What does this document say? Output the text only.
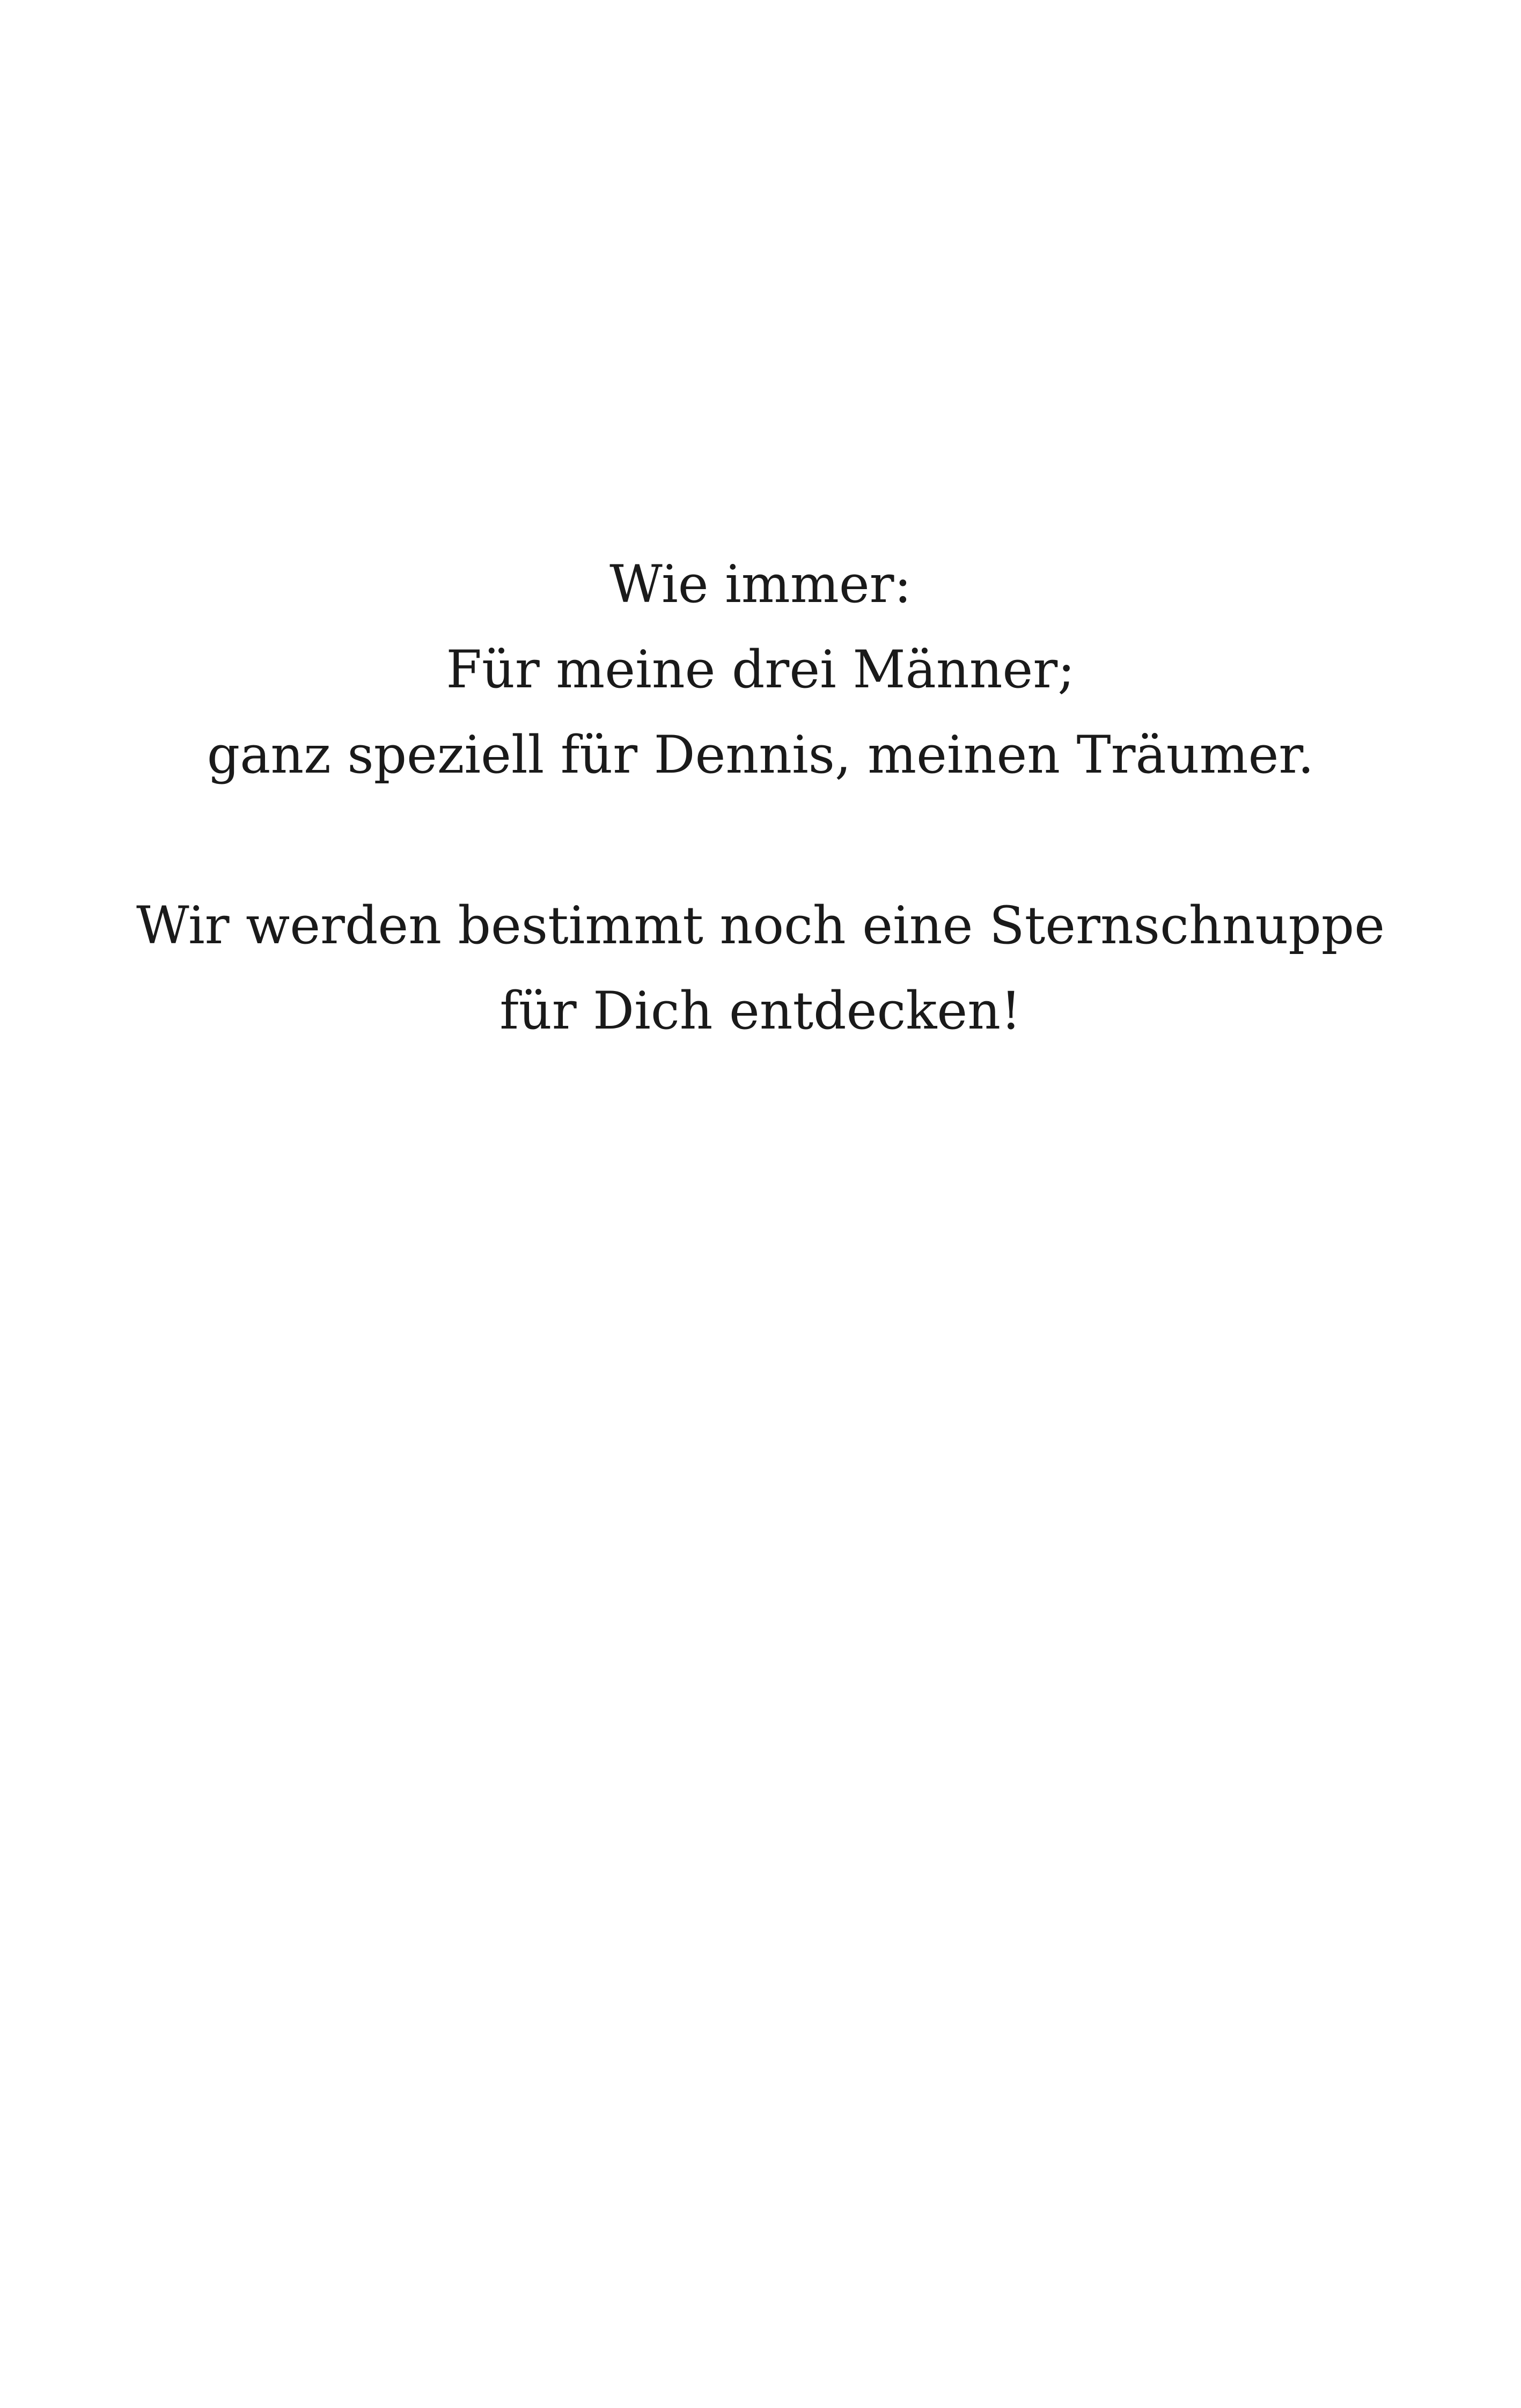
Wie immer:
Für meine drei Männer;
ganz speziell für Dennis, meinen Träumer.

Wir werden bestimmt noch eine Sternschnuppe
für Dich entdecken!
